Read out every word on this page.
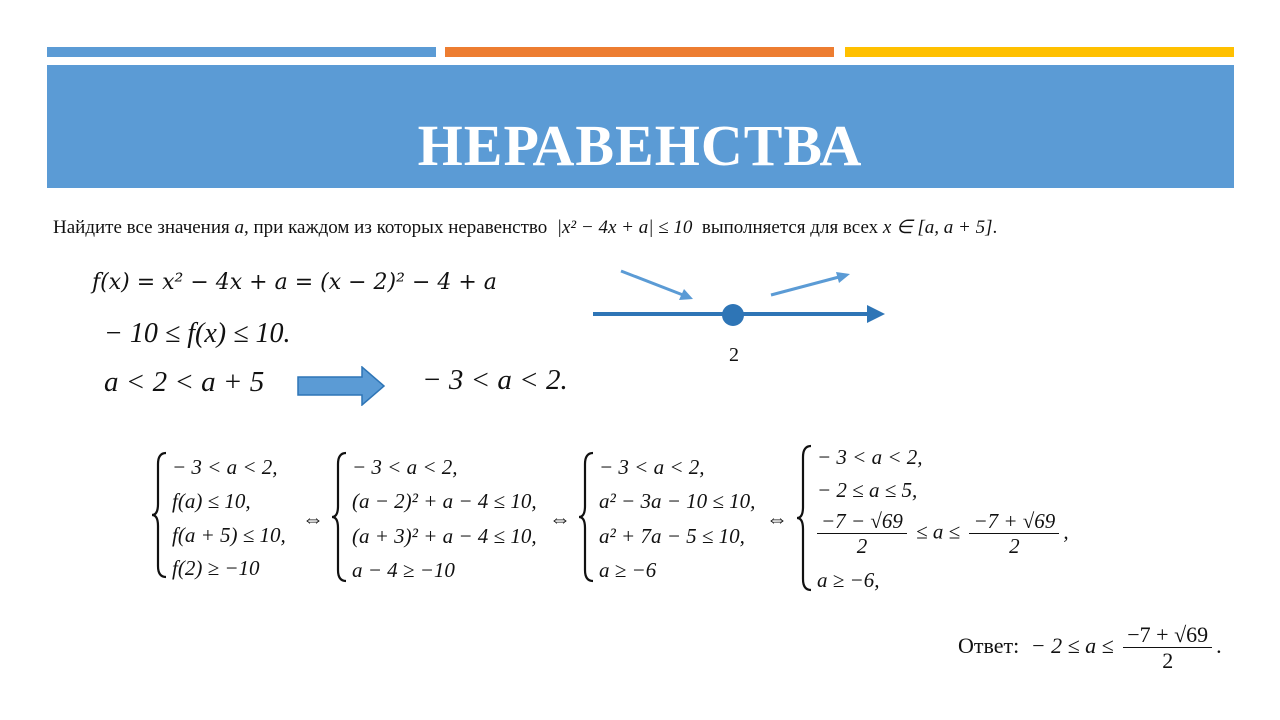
НЕРАВЕНСТВА
Найдите все значения a, при каждом из которых неравенство |x² − 4x + a| ≤ 10 выполняется для всех x ∈ [a, a + 5].
f(x) = x² − 4x + a = (x − 2)² − 4 + a
− 10 ≤ f(x) ≤ 10.
a < 2 < a + 5	− 3 < a < 2.
2
− 3 < a < 2,
f(a) ≤ 10,
f(a + 5) ≤ 10,
f(2) ≥ −10
⇔
− 3 < a < 2,
(a − 2)² + a − 4 ≤ 10,
(a + 3)² + a − 4 ≤ 10,
a − 4 ≥ −10
⇔
− 3 < a < 2,
a² − 3a − 10 ≤ 10,
a² + 7a − 5 ≤ 10,
a ≥ −6
⇔
− 3 < a < 2,
− 2 ≤ a ≤ 5,
$\frac{-7 - √69}{2} \le a \le \frac{-7 + √69}{2}$ ,
a ≥ −6,
Ответ: − $2 \le a \le \frac{-7 + √69}{2}$ .
